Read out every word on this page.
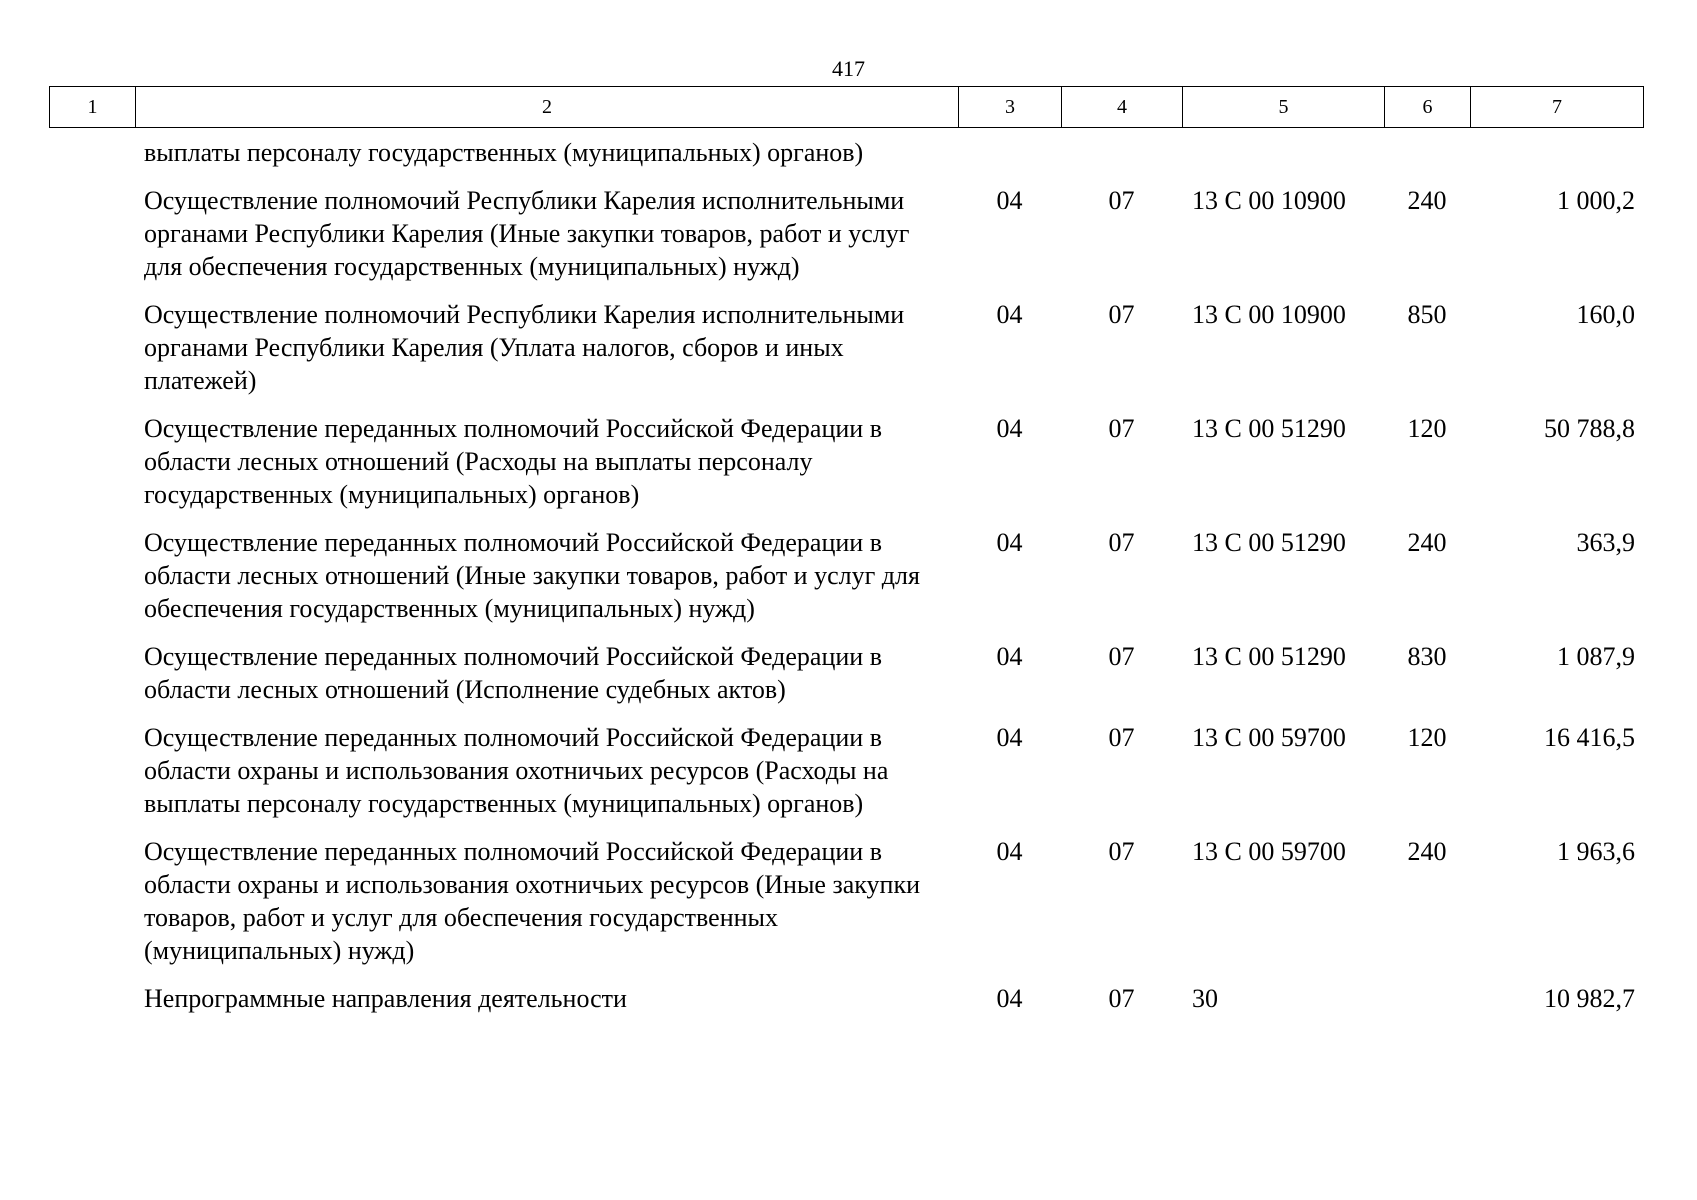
417
1	2	3	4	5	6	7
выплаты персоналу государственных (муниципальных) органов)					
Осуществление полномочий Республики Карелия исполнительными органами Республики Карелия (Иные закупки товаров, работ и услуг для обеспечения государственных (муниципальных) нужд)	04	07	13 С 00 10900	240	1 000,2
Осуществление полномочий Республики Карелия исполнительными органами Республики Карелия (Уплата налогов, сборов и иных платежей)	04	07	13 С 00 10900	850	160,0
Осуществление переданных полномочий Российской Федерации в области лесных отношений (Расходы на выплаты персоналу государственных (муниципальных) органов)	04	07	13 С 00 51290	120	50 788,8
Осуществление переданных полномочий Российской Федерации в области лесных отношений (Иные закупки товаров, работ и услуг для обеспечения государственных (муниципальных) нужд)	04	07	13 С 00 51290	240	363,9
Осуществление переданных полномочий Российской Федерации в области лесных отношений (Исполнение судебных актов)	04	07	13 С 00 51290	830	1 087,9
Осуществление переданных полномочий Российской Федерации в области охраны и использования охотничьих ресурсов (Расходы на выплаты персоналу государственных (муниципальных) органов)	04	07	13 С 00 59700	120	16 416,5
Осуществление переданных полномочий Российской Федерации в области охраны и использования охотничьих ресурсов (Иные закупки товаров, работ и услуг для обеспечения государственных (муниципальных) нужд)	04	07	13 С 00 59700	240	1 963,6
Непрограммные направления деятельности	04	07	30		10 982,7
